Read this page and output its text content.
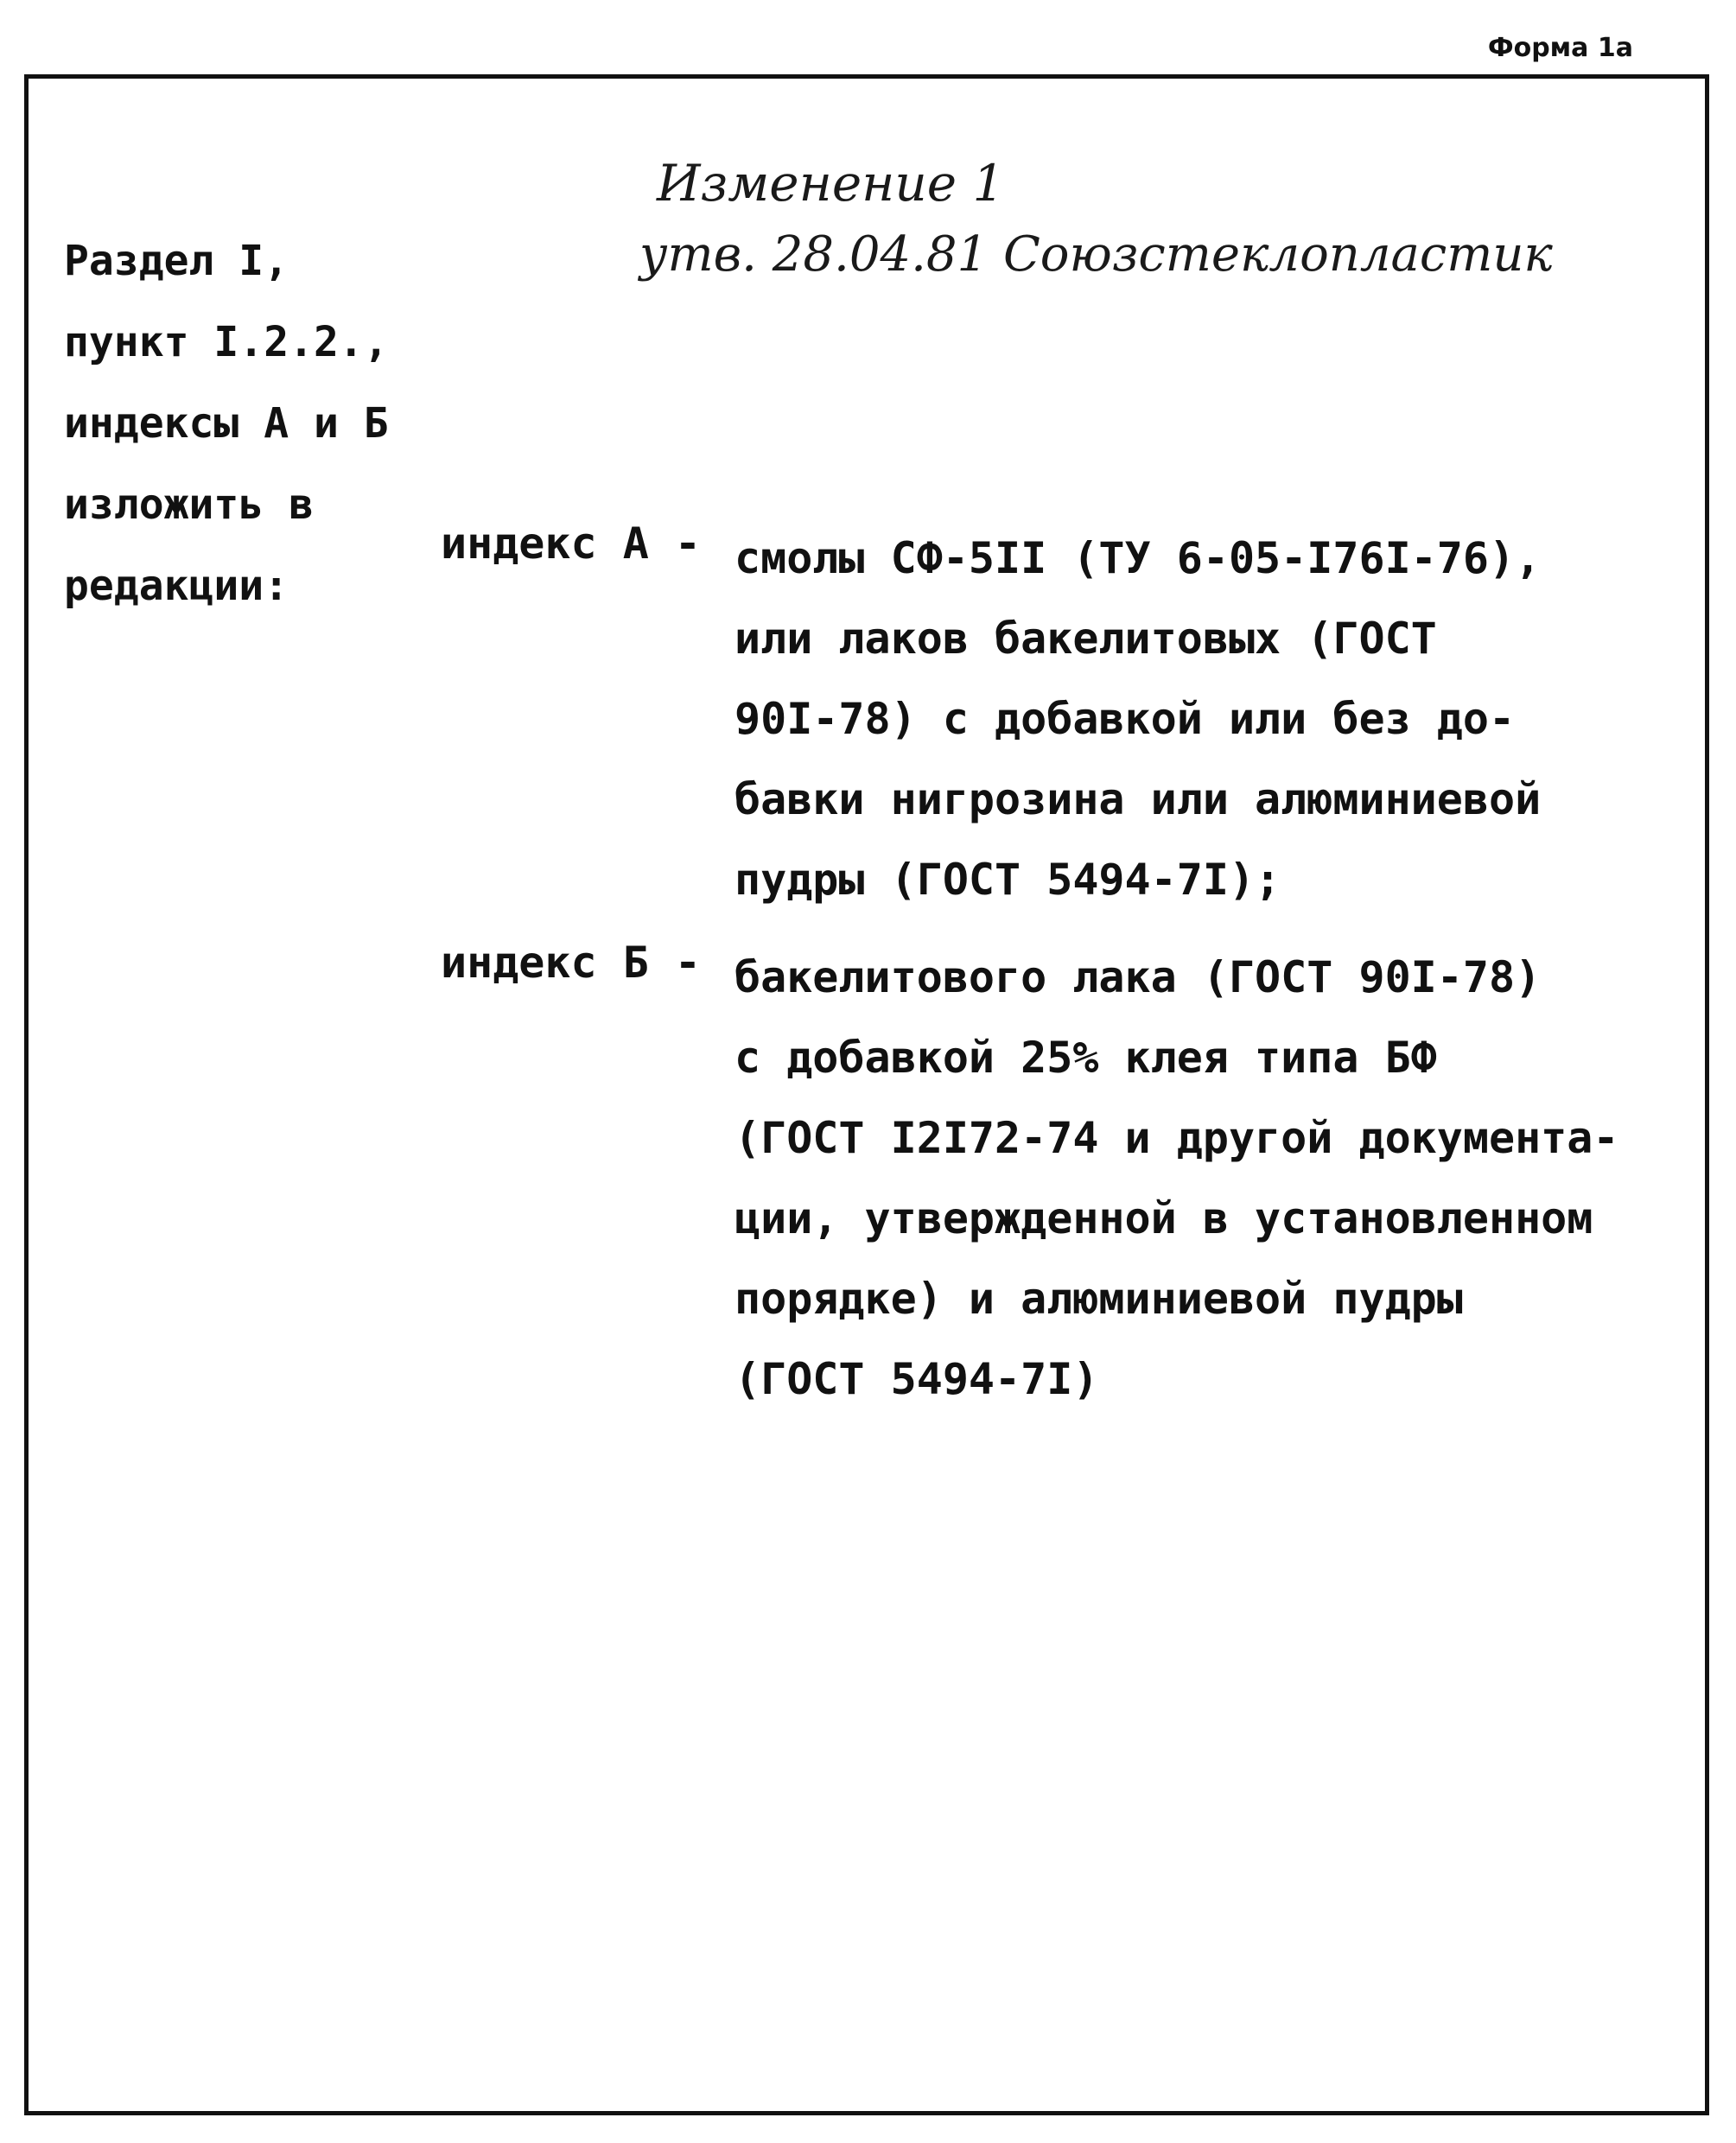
Форма 1а
Изменение 1
утв. 28.04.81 Союзстеклопластик
Раздел I,
пункт I.2.2.,
индексы А и Б
изложить в
редакции:
индекс А - смолы СФ-5II (ТУ 6-05-I76I-76),
или лаков бакелитовых (ГОСТ
90I-78) с добавкой или без до-
бавки нигрозина или алюминиевой
пудры (ГОСТ 5494-7I);
индекс Б - бакелитового лака (ГОСТ 90I-78)
с добавкой 25% клея типа БФ
(ГОСТ I2I72-74 и другой документа-
ции, утвержденной в установленном
порядке) и алюминиевой пудры
(ГОСТ 5494-7I)
